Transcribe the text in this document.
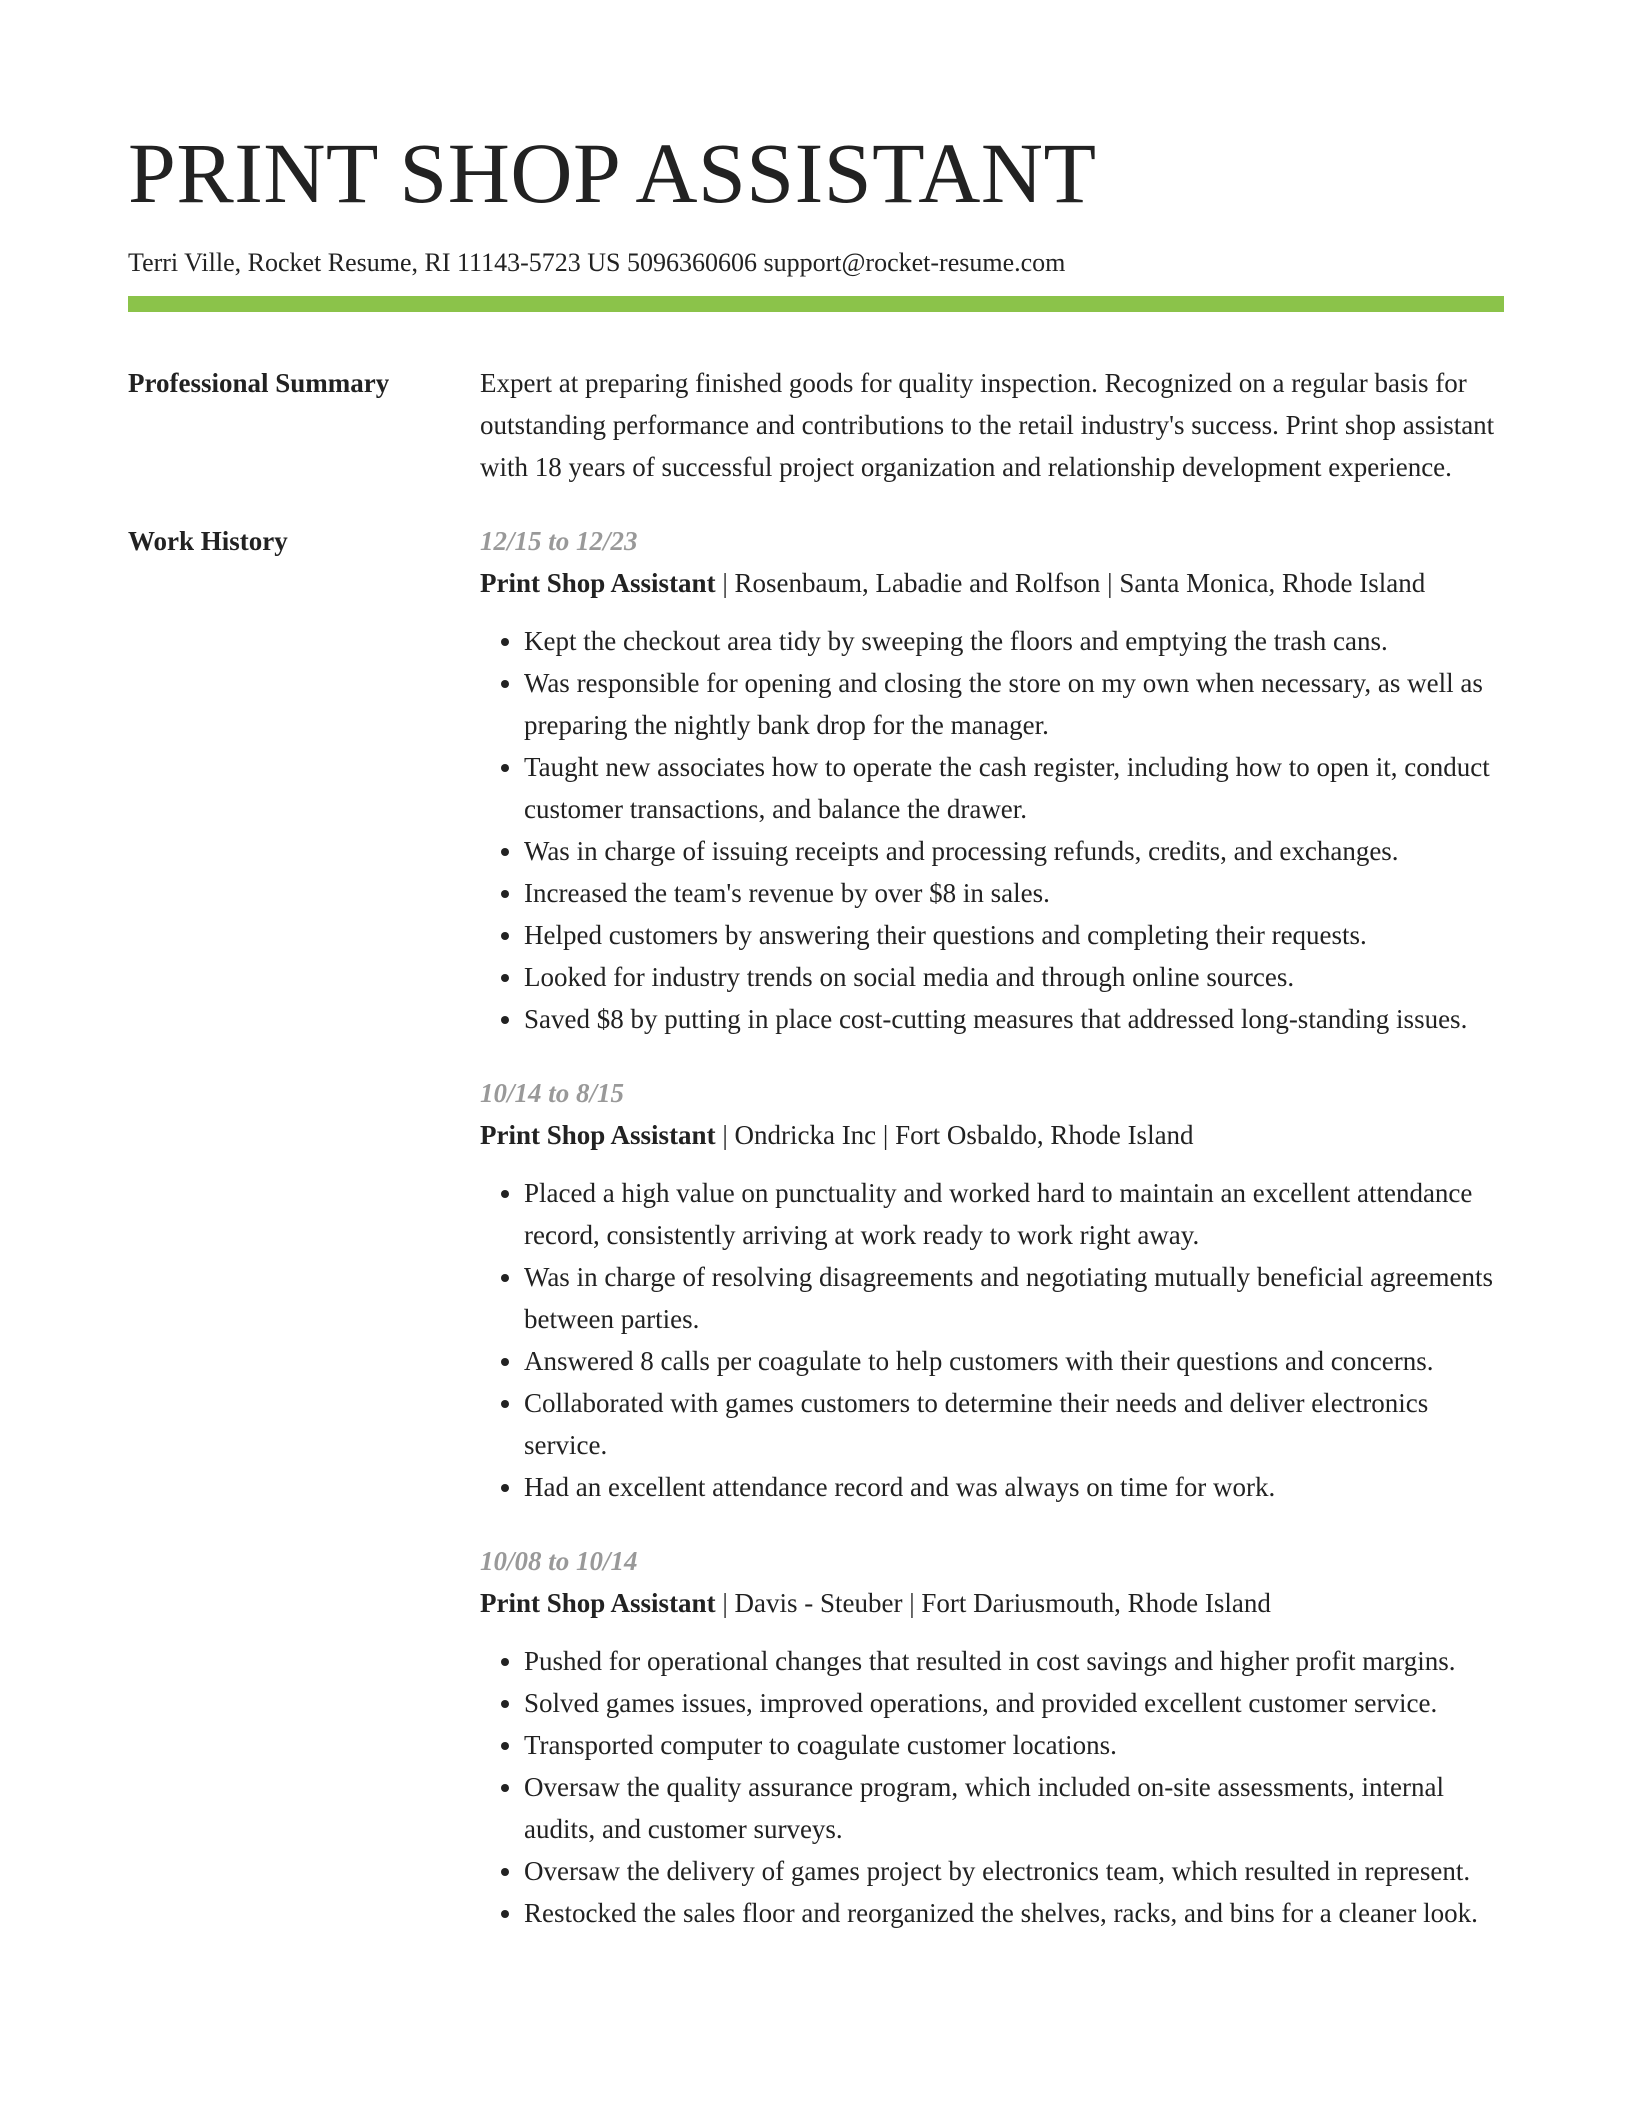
PRINT SHOP ASSISTANT
Terri Ville, Rocket Resume, RI 11143-5723 US 5096360606 support@rocket-resume.com
Professional Summary	Expert at preparing finished goods for quality inspection. Recognized on a regular basis for outstanding performance and contributions to the retail industry's success. Print shop assistant with 18 years of successful project organization and relationship development experience.

Work History	12/15 to 12/23
Print Shop Assistant | Rosenbaum, Labadie and Rolfson | Santa Monica, Rhode Island
• Kept the checkout area tidy by sweeping the floors and emptying the trash cans.
• Was responsible for opening and closing the store on my own when necessary, as well as preparing the nightly bank drop for the manager.
• Taught new associates how to operate the cash register, including how to open it, conduct customer transactions, and balance the drawer.
• Was in charge of issuing receipts and processing refunds, credits, and exchanges.
• Increased the team's revenue by over $8 in sales.
• Helped customers by answering their questions and completing their requests.
• Looked for industry trends on social media and through online sources.
• Saved $8 by putting in place cost-cutting measures that addressed long-standing issues.
10/14 to 8/15
Print Shop Assistant | Ondricka Inc | Fort Osbaldo, Rhode Island
• Placed a high value on punctuality and worked hard to maintain an excellent attendance record, consistently arriving at work ready to work right away.
• Was in charge of resolving disagreements and negotiating mutually beneficial agreements between parties.
• Answered 8 calls per coagulate to help customers with their questions and concerns.
• Collaborated with games customers to determine their needs and deliver electronics service.
• Had an excellent attendance record and was always on time for work.
10/08 to 10/14
Print Shop Assistant | Davis - Steuber | Fort Dariusmouth, Rhode Island
• Pushed for operational changes that resulted in cost savings and higher profit margins.
• Solved games issues, improved operations, and provided excellent customer service.
• Transported computer to coagulate customer locations.
• Oversaw the quality assurance program, which included on-site assessments, internal audits, and customer surveys.
• Oversaw the delivery of games project by electronics team, which resulted in represent.
• Restocked the sales floor and reorganized the shelves, racks, and bins for a cleaner look.
